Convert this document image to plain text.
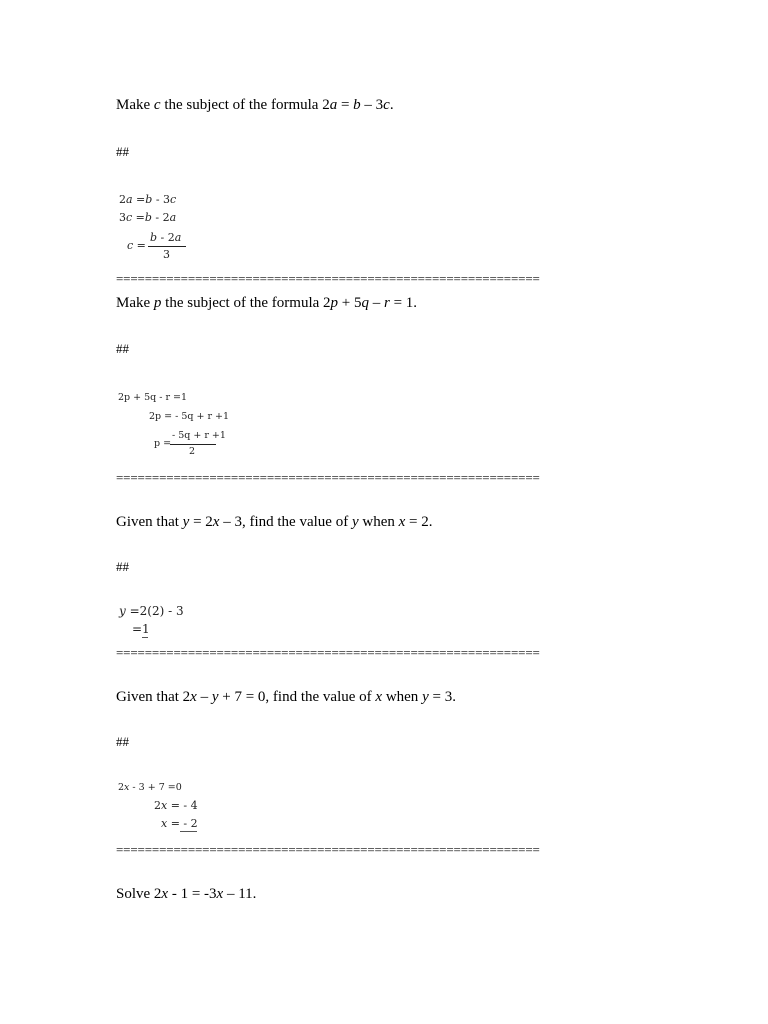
Make c the subject of the formula 2a = b – 3c.
##
2a =b - 3c
3c =b - 2a
c =
b - 2a
3
===========================================================
Make p the subject of the formula 2p + 5q – r = 1.
##
2p + 5q - r =1
2p = - 5q + r +1
p =
- 5q + r +1
2
===========================================================
Given that y = 2x – 3, find the value of y when x = 2.
##
y =2(2) - 3
=1
===========================================================
Given that 2x – y + 7 = 0, find the value of x when y = 3.
##
2x - 3 + 7 =0
2x = - 4
x = - 2
===========================================================
Solve 2x - 1 = -3x – 11.
